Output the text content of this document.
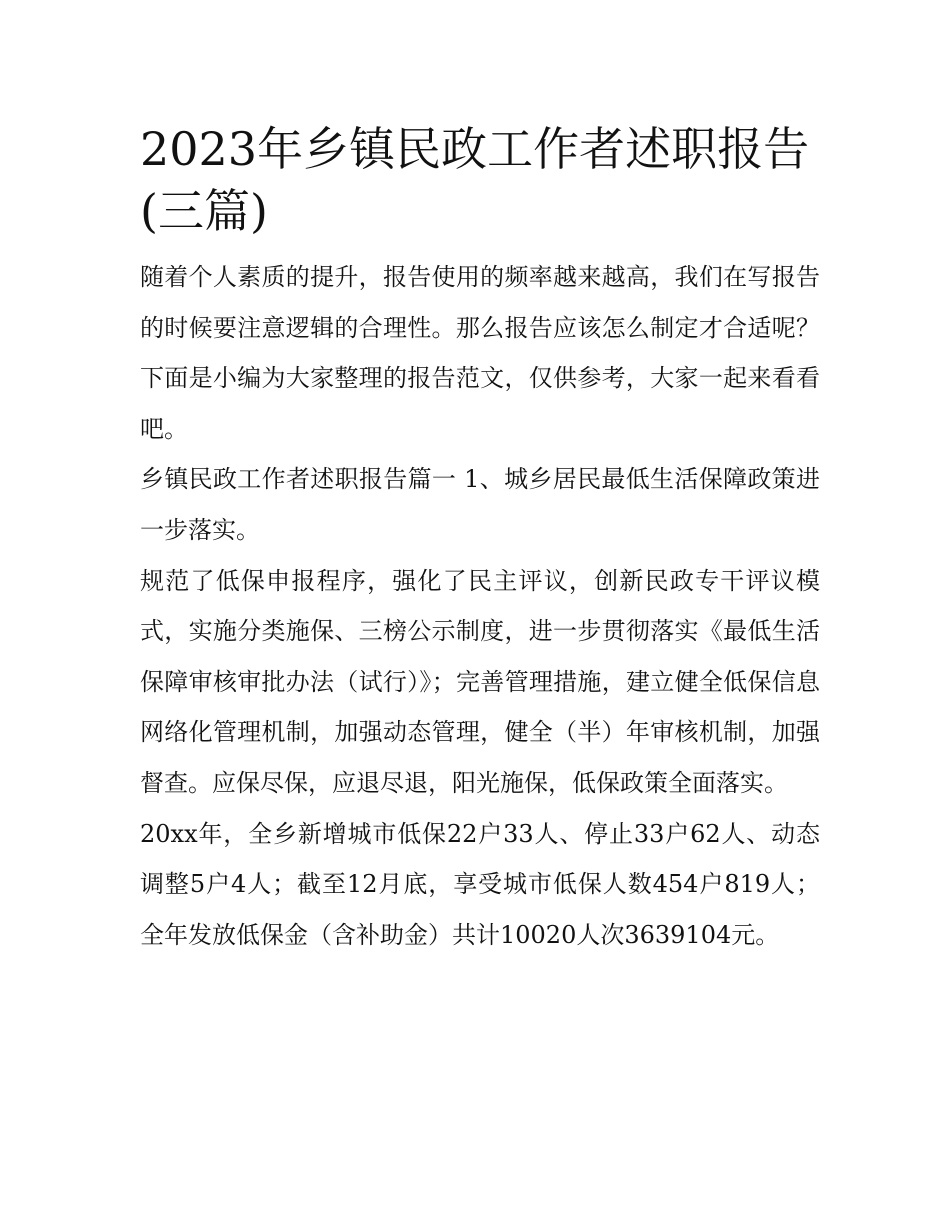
2023年乡镇民政工作者述职报告(三篇)

随着个人素质的提升，报告使用的频率越来越高，我们在写报告的时候要注意逻辑的合理性。那么报告应该怎么制定才合适呢？下面是小编为大家整理的报告范文，仅供参考，大家一起来看看吧。

乡镇民政工作者述职报告篇一 1、城乡居民最低生活保障政策进一步落实。

规范了低保申报程序，强化了民主评议，创新民政专干评议模式，实施分类施保、三榜公示制度，进一步贯彻落实《最低生活保障审核审批办法（试行）》；完善管理措施，建立健全低保信息网络化管理机制，加强动态管理，健全（半）年审核机制，加强督查。应保尽保，应退尽退，阳光施保，低保政策全面落实。

20xx年，全乡新增城市低保22户33人、停止33户62人、动态调整5户4人；截至12月底，享受城市低保人数454户819人；全年发放低保金（含补助金）共计10020人次3639104元。
